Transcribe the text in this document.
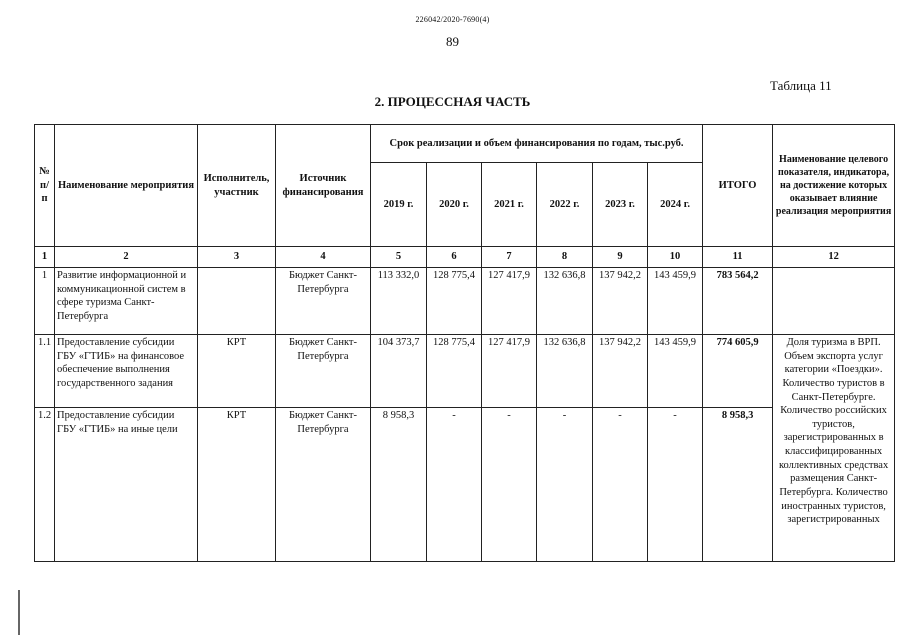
226042/2020-7690(4)
89
Таблица 11
2. ПРОЦЕССНАЯ ЧАСТЬ
№ п/п	Наименование мероприятия	Исполнитель, участник	Источник финансирования	Срок реализации и объем финансирования по годам, тыс.руб.						ИТОГО	Наименование целевого показателя, индикатора, на достижение которых оказывает влияние реализация мероприятия
				2019 г.	2020 г.	2021 г.	2022 г.	2023 г.	2024 г.		
1	2	3	4	5	6	7	8	9	10	11	12
1	Развитие информационной и коммуникационной систем в сфере туризма Санкт-Петербурга		Бюджет Санкт-Петербурга	113 332,0	128 775,4	127 417,9	132 636,8	137 942,2	143 459,9	783 564,2	
1.1	Предоставление субсидии ГБУ «ГТИБ» на финансовое обеспечение выполнения государственного задания	КРТ	Бюджет Санкт-Петербурга	104 373,7	128 775,4	127 417,9	132 636,8	137 942,2	143 459,9	774 605,9	Доля туризма в ВРП. Объем экспорта услуг категории «Поездки». Количество туристов в Санкт-Петербурге. Количество российских туристов, зарегистрированных в классифицированных коллективных средствах размещения Санкт-Петербурга. Количество иностранных туристов, зарегистрированных
1.2	Предоставление субсидии ГБУ «ГТИБ» на иные цели	КРТ	Бюджет Санкт-Петербурга	8 958,3	-	-	-	-	-	8 958,3	
